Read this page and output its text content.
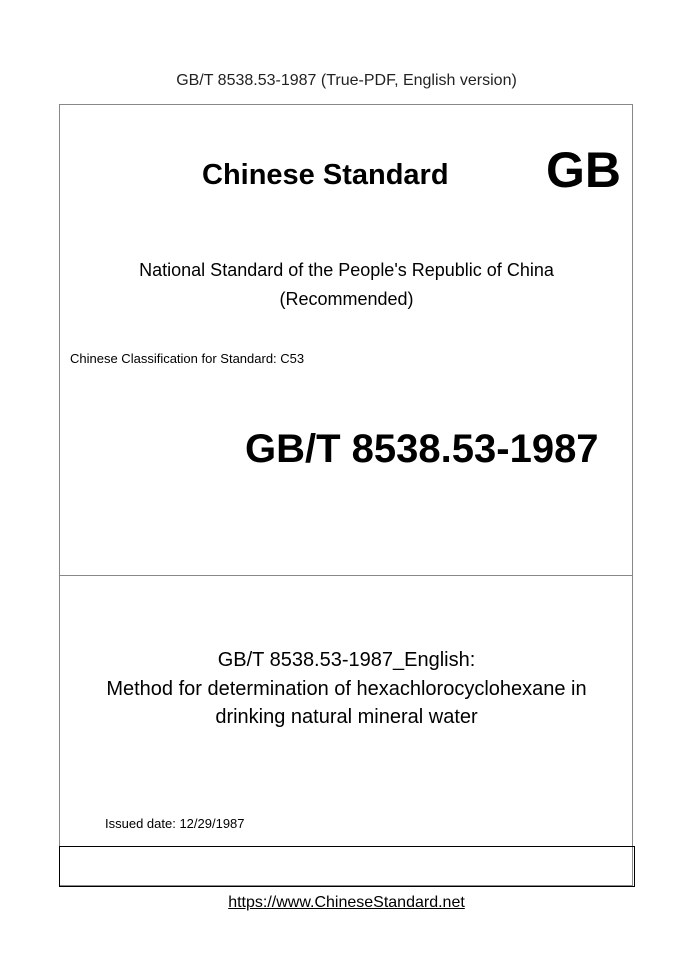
GB/T 8538.53-1987 (True-PDF, English version)
Chinese Standard GB
National Standard of the People's Republic of China
(Recommended)
Chinese Classification for Standard: C53
GB/T 8538.53-1987
GB/T 8538.53-1987_English:
Method for determination of hexachlorocyclohexane in
drinking natural mineral water
Issued date: 12/29/1987
https://www.ChineseStandard.net
